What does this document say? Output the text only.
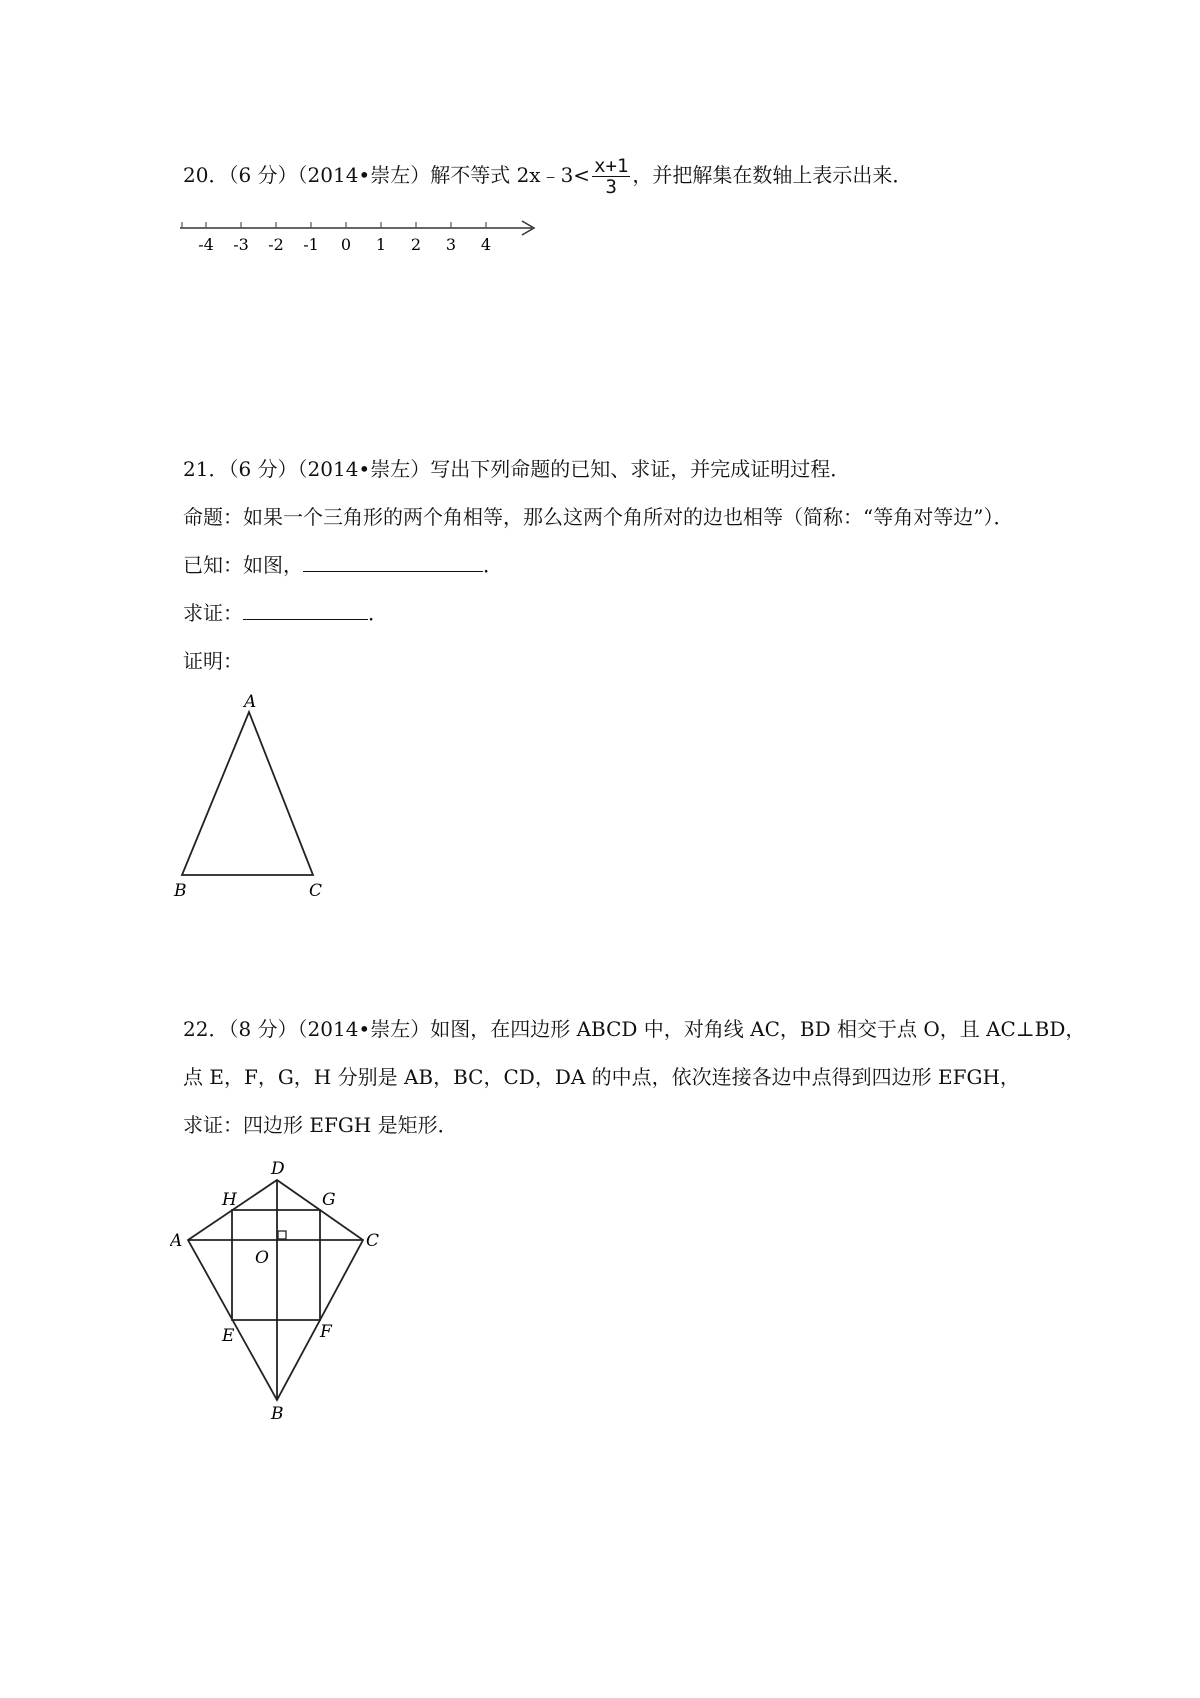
20．（6 分）（2014•崇左）解不等式 2x﹣3< $\frac{x+1}{3}$ ，并把解集在数轴上表示出来．
-4 -3 -2 -1 0 1 2 3 4
21．（6 分）（2014•崇左）写出下列命题的已知、求证，并完成证明过程．
命题：如果一个三角形的两个角相等，那么这两个角所对的边也相等（简称：“等角对等边”）．
已知：如图，	．
求证：	．
证明：
A
B	C
22．（8 分）（2014•崇左）如图，在四边形 ABCD 中，对角线 AC，BD 相交于点 O，且 AC⊥BD，
点 E，F，G，H 分别是 AB，BC，CD，DA 的中点，依次连接各边中点得到四边形 EFGH，
求证：四边形 EFGH 是矩形．
D
H	G
A	C
O
E	F
B
